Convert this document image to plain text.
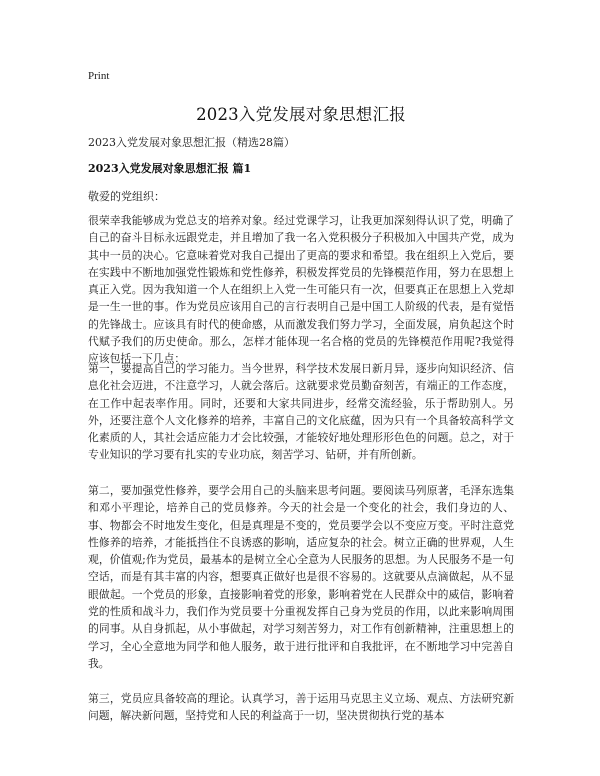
Print
2023入党发展对象思想汇报
2023入党发展对象思想汇报（精选28篇）
2023入党发展对象思想汇报 篇1
敬爱的党组织：

很荣幸我能够成为党总支的培养对象。经过党课学习，让我更加深刻得认识了党，明确了自己的奋斗目标永远跟党走，并且增加了我一名入党积极分子积极加入中国共产党，成为其中一员的决心。它意味着党对我自己提出了更高的要求和希望。我在组织上入党后，要在实践中不断地加强党性锻炼和党性修养，积极发挥党员的先锋模范作用，努力在思想上真正入党。因为我知道一个人在组织上入党一生可能只有一次，但要真正在思想上入党却是一生一世的事。作为党员应该用自己的言行表明自己是中国工人阶级的代表，是有觉悟的先锋战士。应该具有时代的使命感，从而激发我们努力学习，全面发展，肩负起这个时代赋予我们的历史使命。那么，怎样才能体现一名合格的党员的先锋模范作用呢?我觉得应该包括一下几点：

第一，要提高自己的学习能力。当今世界，科学技术发展日新月异，逐步向知识经济、信息化社会迈进，不注意学习，人就会落后。这就要求党员勤奋刻苦，有端正的工作态度，在工作中起表率作用。同时，还要和大家共同进步，经常交流经验，乐于帮助别人。另外，还要注意个人文化修养的培养，丰富自己的文化底蕴，因为只有一个具备较高科学文化素质的人，其社会适应能力才会比较强，才能较好地处理形形色色的问题。总之，对于专业知识的学习要有扎实的专业功底，刻苦学习、钻研，并有所创新。

第二，要加强党性修养，要学会用自己的头脑来思考问题。要阅读马列原著，毛泽东选集和邓小平理论，培养自己的党员修养。今天的社会是一个变化的社会，我们身边的人、事、物都会不时地发生变化，但是真理是不变的，党员要学会以不变应万变。平时注意党性修养的培养，才能抵挡住不良诱惑的影响，适应复杂的社会。树立正确的世界观，人生观，价值观;作为党员，最基本的是树立全心全意为人民服务的思想。为人民服务不是一句空话，而是有其丰富的内容，想要真正做好也是很不容易的。这就要从点滴做起，从不显眼做起。一个党员的形象，直接影响着党的形象，影响着党在人民群众中的威信，影响着党的性质和战斗力，我们作为党员要十分重视发挥自己身为党员的作用，以此来影响周围的同事。从自身抓起，从小事做起，对学习刻苦努力，对工作有创新精神，注重思想上的学习，全心全意地为同学和他人服务，敢于进行批评和自我批评，在不断地学习中完善自我。

第三，党员应具备较高的理论。认真学习，善于运用马克思主义立场、观点、方法研究新问题，解决新问题，坚持党和人民的利益高于一切，坚决贯彻执行党的基本
